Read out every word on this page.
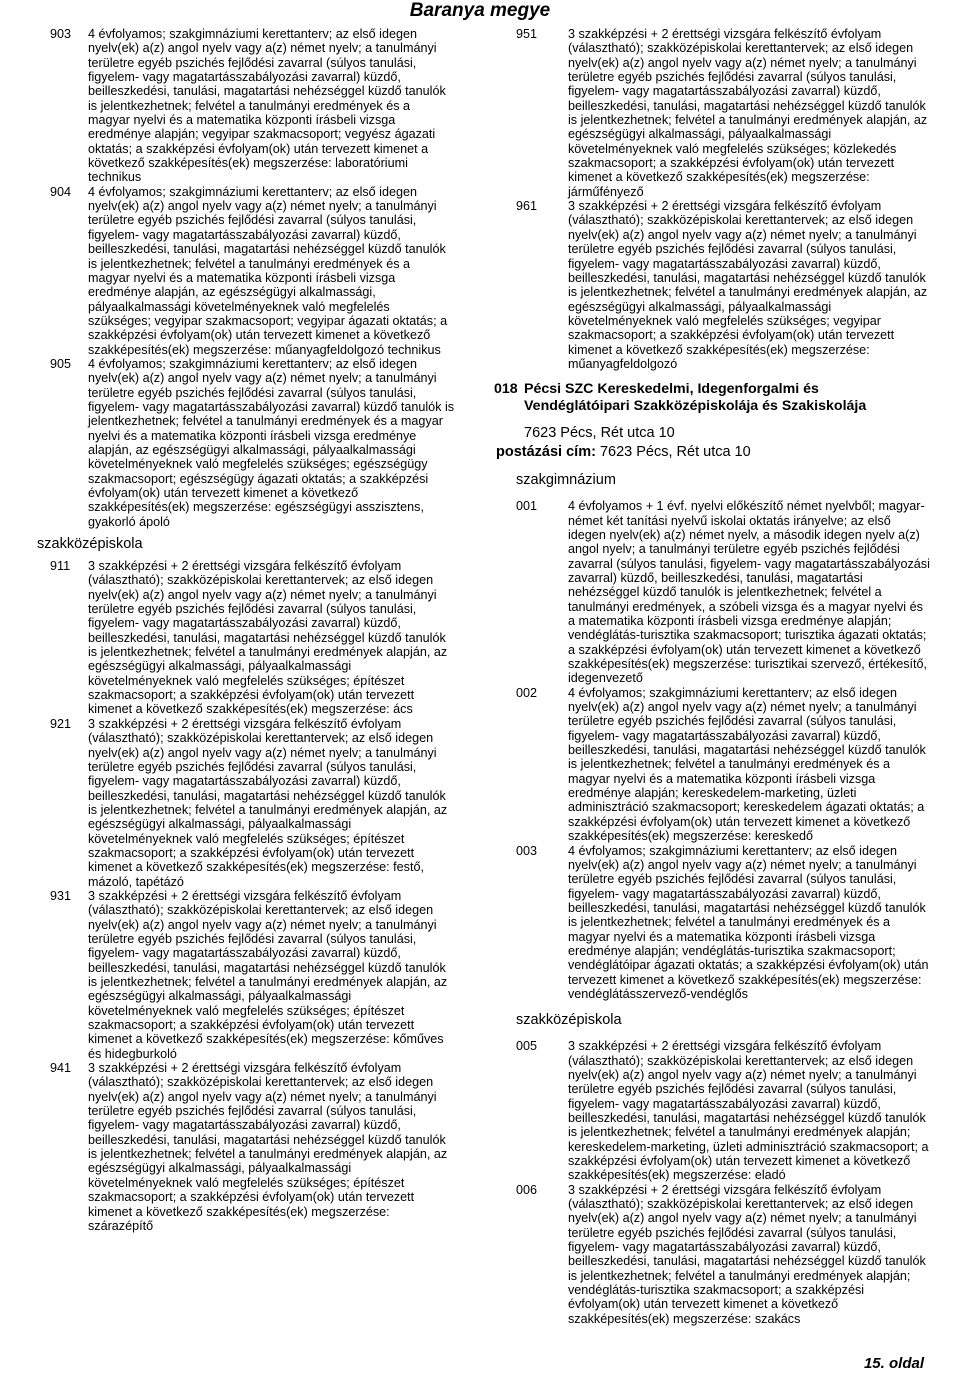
Baranya megye
903	4 évfolyamos; szakgimnáziumi kerettanterv; az első idegen nyelv(ek) a(z) angol nyelv vagy a(z) német nyelv; a tanulmányi területre egyéb pszichés fejlődési zavarral (súlyos tanulási, figyelem- vagy magatartásszabályozási zavarral) küzdő, beilleszkedési, tanulási, magatartási nehézséggel küzdő tanulók is jelentkezhetnek; felvétel a tanulmányi eredmények és a magyar nyelvi és a matematika központi írásbeli vizsga eredménye alapján; vegyipar szakmacsoport; vegyész ágazati oktatás; a szakképzési évfolyam(ok) után tervezett kimenet a következő szakképesítés(ek) megszerzése: laboratóriumi technikus
904	4 évfolyamos; szakgimnáziumi kerettanterv; az első idegen nyelv(ek) a(z) angol nyelv vagy a(z) német nyelv; a tanulmányi területre egyéb pszichés fejlődési zavarral (súlyos tanulási, figyelem- vagy magatartásszabályozási zavarral) küzdő, beilleszkedési, tanulási, magatartási nehézséggel küzdő tanulók is jelentkezhetnek; felvétel a tanulmányi eredmények és a magyar nyelvi és a matematika központi írásbeli vizsga eredménye alapján, az egészségügyi alkalmassági, pályaalkalmassági követelményeknek való megfelelés szükséges; vegyipar szakmacsoport; vegyipar ágazati oktatás; a szakképzési évfolyam(ok) után tervezett kimenet a következő szakképesítés(ek) megszerzése: műanyagfeldolgozó technikus
905	4 évfolyamos; szakgimnáziumi kerettanterv; az első idegen nyelv(ek) a(z) angol nyelv vagy a(z) német nyelv; a tanulmányi területre egyéb pszichés fejlődési zavarral (súlyos tanulási, figyelem- vagy magatartásszabályozási zavarral) küzdő tanulók is jelentkezhetnek; felvétel a tanulmányi eredmények és a magyar nyelvi és a matematika központi írásbeli vizsga eredménye alapján, az egészségügyi alkalmassági, pályaalkalmassági követelményeknek való megfelelés szükséges; egészségügy szakmacsoport; egészségügy ágazati oktatás; a szakképzési évfolyam(ok) után tervezett kimenet a következő szakképesítés(ek) megszerzése: egészségügyi asszisztens, gyakorló ápoló
szakközépiskola
911	3 szakképzési + 2 érettségi vizsgára felkészítő évfolyam (választható); szakközépiskolai kerettantervek; az első idegen nyelv(ek) a(z) angol nyelv vagy a(z) német nyelv; a tanulmányi területre egyéb pszichés fejlődési zavarral (súlyos tanulási, figyelem- vagy magatartásszabályozási zavarral) küzdő, beilleszkedési, tanulási, magatartási nehézséggel küzdő tanulók is jelentkezhetnek; felvétel a tanulmányi eredmények alapján, az egészségügyi alkalmassági, pályaalkalmassági követelményeknek való megfelelés szükséges; építészet szakmacsoport; a szakképzési évfolyam(ok) után tervezett kimenet a következő szakképesítés(ek) megszerzése: ács
921	3 szakképzési + 2 érettségi vizsgára felkészítő évfolyam (választható); szakközépiskolai kerettantervek; az első idegen nyelv(ek) a(z) angol nyelv vagy a(z) német nyelv; a tanulmányi területre egyéb pszichés fejlődési zavarral (súlyos tanulási, figyelem- vagy magatartásszabályozási zavarral) küzdő, beilleszkedési, tanulási, magatartási nehézséggel küzdő tanulók is jelentkezhetnek; felvétel a tanulmányi eredmények alapján, az egészségügyi alkalmassági, pályaalkalmassági követelményeknek való megfelelés szükséges; építészet szakmacsoport; a szakképzési évfolyam(ok) után tervezett kimenet a következő szakképesítés(ek) megszerzése: festő, mázoló, tapétázó
931	3 szakképzési + 2 érettségi vizsgára felkészítő évfolyam (választható); szakközépiskolai kerettantervek; az első idegen nyelv(ek) a(z) angol nyelv vagy a(z) német nyelv; a tanulmányi területre egyéb pszichés fejlődési zavarral (súlyos tanulási, figyelem- vagy magatartásszabályozási zavarral) küzdő, beilleszkedési, tanulási, magatartási nehézséggel küzdő tanulók is jelentkezhetnek; felvétel a tanulmányi eredmények alapján, az egészségügyi alkalmassági, pályaalkalmassági követelményeknek való megfelelés szükséges; építészet szakmacsoport; a szakképzési évfolyam(ok) után tervezett kimenet a következő szakképesítés(ek) megszerzése: kőműves és hidegburkoló
941	3 szakképzési + 2 érettségi vizsgára felkészítő évfolyam (választható); szakközépiskolai kerettantervek; az első idegen nyelv(ek) a(z) angol nyelv vagy a(z) német nyelv; a tanulmányi területre egyéb pszichés fejlődési zavarral (súlyos tanulási, figyelem- vagy magatartásszabályozási zavarral) küzdő, beilleszkedési, tanulási, magatartási nehézséggel küzdő tanulók is jelentkezhetnek; felvétel a tanulmányi eredmények alapján, az egészségügyi alkalmassági, pályaalkalmassági követelményeknek való megfelelés szükséges; építészet szakmacsoport; a szakképzési évfolyam(ok) után tervezett kimenet a következő szakképesítés(ek) megszerzése: szárazépítő
951	3 szakképzési + 2 érettségi vizsgára felkészítő évfolyam (választható); szakközépiskolai kerettantervek; az első idegen nyelv(ek) a(z) angol nyelv vagy a(z) német nyelv; a tanulmányi területre egyéb pszichés fejlődési zavarral (súlyos tanulási, figyelem- vagy magatartásszabályozási zavarral) küzdő, beilleszkedési, tanulási, magatartási nehézséggel küzdő tanulók is jelentkezhetnek; felvétel a tanulmányi eredmények alapján, az egészségügyi alkalmassági, pályaalkalmassági követelményeknek való megfelelés szükséges; közlekedés szakmacsoport; a szakképzési évfolyam(ok) után tervezett kimenet a következő szakképesítés(ek) megszerzése: járműfényező
961	3 szakképzési + 2 érettségi vizsgára felkészítő évfolyam (választható); szakközépiskolai kerettantervek; az első idegen nyelv(ek) a(z) angol nyelv vagy a(z) német nyelv; a tanulmányi területre egyéb pszichés fejlődési zavarral (súlyos tanulási, figyelem- vagy magatartásszabályozási zavarral) küzdő, beilleszkedési, tanulási, magatartási nehézséggel küzdő tanulók is jelentkezhetnek; felvétel a tanulmányi eredmények alapján, az egészségügyi alkalmassági, pályaalkalmassági követelményeknek való megfelelés szükséges; vegyipar szakmacsoport; a szakképzési évfolyam(ok) után tervezett kimenet a következő szakképesítés(ek) megszerzése: műanyagfeldolgozó
018 Pécsi SZC Kereskedelmi, Idegenforgalmi és
Vendéglátóipari Szakközépiskolája és Szakiskolája
7623 Pécs, Rét utca 10
postázási cím: 7623 Pécs, Rét utca 10
szakgimnázium
001	4 évfolyamos + 1 évf. nyelvi előkészítő német nyelvből; magyar-német két tanítási nyelvű iskolai oktatás irányelve; az első idegen nyelv(ek) a(z) német nyelv, a második idegen nyelv a(z) angol nyelv; a tanulmányi területre egyéb pszichés fejlődési zavarral (súlyos tanulási, figyelem- vagy magatartásszabályozási zavarral) küzdő, beilleszkedési, tanulási, magatartási nehézséggel küzdő tanulók is jelentkezhetnek; felvétel a tanulmányi eredmények, a szóbeli vizsga és a magyar nyelvi és a matematika központi írásbeli vizsga eredménye alapján; vendéglátás-turisztika szakmacsoport; turisztika ágazati oktatás; a szakképzési évfolyam(ok) után tervezett kimenet a következő szakképesítés(ek) megszerzése: turisztikai szervező, értékesítő, idegenvezető
002	4 évfolyamos; szakgimnáziumi kerettanterv; az első idegen nyelv(ek) a(z) angol nyelv vagy a(z) német nyelv; a tanulmányi területre egyéb pszichés fejlődési zavarral (súlyos tanulási, figyelem- vagy magatartásszabályozási zavarral) küzdő, beilleszkedési, tanulási, magatartási nehézséggel küzdő tanulók is jelentkezhetnek; felvétel a tanulmányi eredmények és a magyar nyelvi és a matematika központi írásbeli vizsga eredménye alapján; kereskedelem-marketing, üzleti adminisztráció szakmacsoport; kereskedelem ágazati oktatás; a szakképzési évfolyam(ok) után tervezett kimenet a következő szakképesítés(ek) megszerzése: kereskedő
003	4 évfolyamos; szakgimnáziumi kerettanterv; az első idegen nyelv(ek) a(z) angol nyelv vagy a(z) német nyelv; a tanulmányi területre egyéb pszichés fejlődési zavarral (súlyos tanulási, figyelem- vagy magatartásszabályozási zavarral) küzdő, beilleszkedési, tanulási, magatartási nehézséggel küzdő tanulók is jelentkezhetnek; felvétel a tanulmányi eredmények és a magyar nyelvi és a matematika központi írásbeli vizsga eredménye alapján; vendéglátás-turisztika szakmacsoport; vendéglátóipar ágazati oktatás; a szakképzési évfolyam(ok) után tervezett kimenet a következő szakképesítés(ek) megszerzése: vendéglátásszervező-vendéglős
szakközépiskola
005	3 szakképzési + 2 érettségi vizsgára felkészítő évfolyam (választható); szakközépiskolai kerettantervek; az első idegen nyelv(ek) a(z) angol nyelv vagy a(z) német nyelv; a tanulmányi területre egyéb pszichés fejlődési zavarral (súlyos tanulási, figyelem- vagy magatartásszabályozási zavarral) küzdő, beilleszkedési, tanulási, magatartási nehézséggel küzdő tanulók is jelentkezhetnek; felvétel a tanulmányi eredmények alapján; kereskedelem-marketing, üzleti adminisztráció szakmacsoport; a szakképzési évfolyam(ok) után tervezett kimenet a következő szakképesítés(ek) megszerzése: eladó
006	3 szakképzési + 2 érettségi vizsgára felkészítő évfolyam (választható); szakközépiskolai kerettantervek; az első idegen nyelv(ek) a(z) angol nyelv vagy a(z) német nyelv; a tanulmányi területre egyéb pszichés fejlődési zavarral (súlyos tanulási, figyelem- vagy magatartásszabályozási zavarral) küzdő, beilleszkedési, tanulási, magatartási nehézséggel küzdő tanulók is jelentkezhetnek; felvétel a tanulmányi eredmények alapján; vendéglátás-turisztika szakmacsoport; a szakképzési évfolyam(ok) után tervezett kimenet a következő szakképesítés(ek) megszerzése: szakács
15. oldal
